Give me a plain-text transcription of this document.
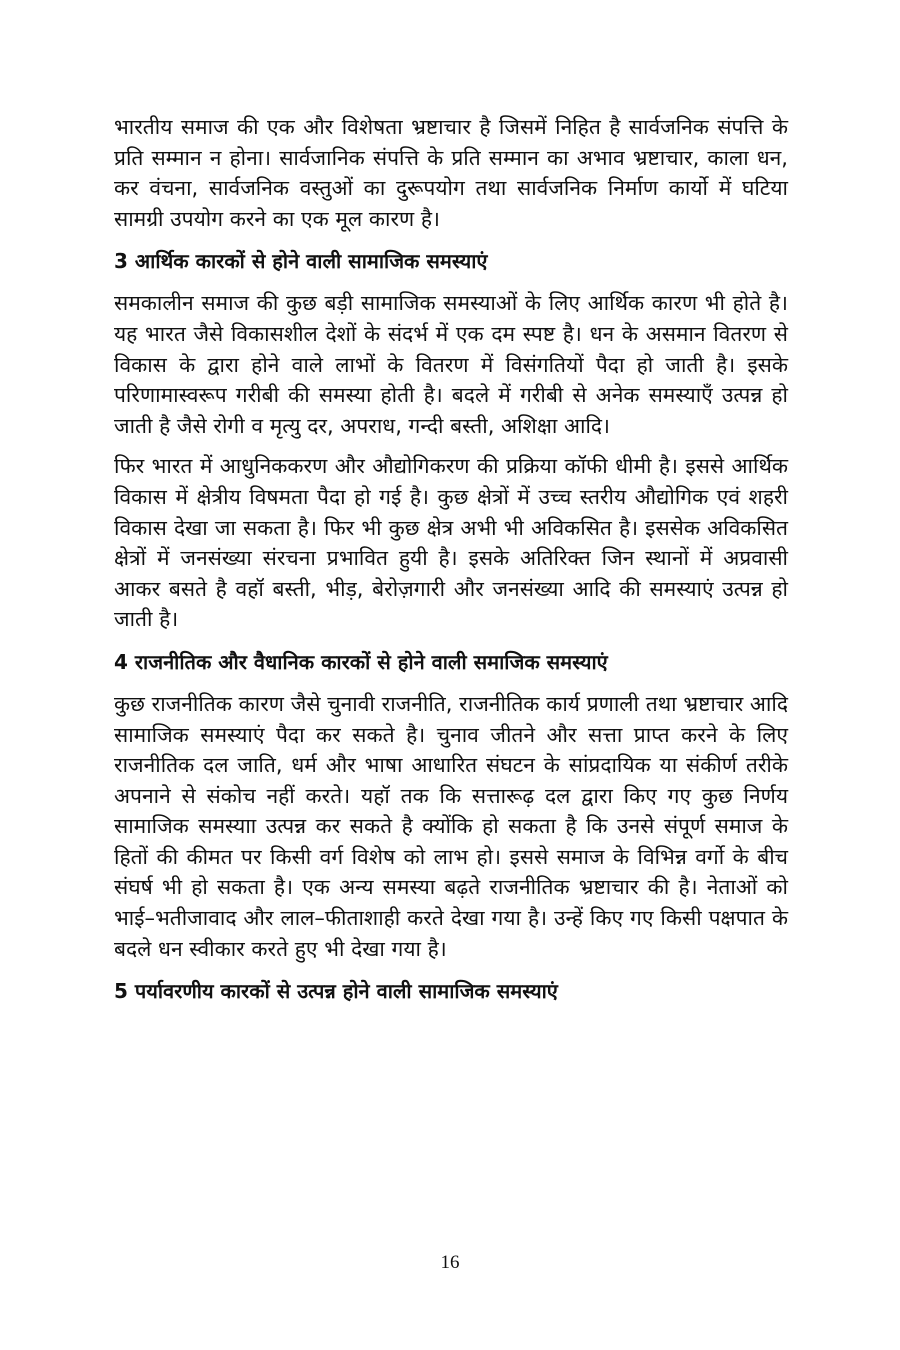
भारतीय समाज की एक और विशेषता भ्रष्टाचार है जिसमें निहित है सार्वजनिक संपत्ति के प्रति सम्मान न होना। सार्वजानिक संपत्ति के प्रति सम्मान का अभाव भ्रष्टाचार, काला धन, कर वंचना, सार्वजनिक वस्तुओं का दुरूपयोग तथा सार्वजनिक निर्माण कार्यो में घटिया सामग्री उपयोग करने का एक मूल कारण है।

3 आर्थिक कारकों से होने वाली सामाजिक समस्याएं

समकालीन समाज की कुछ बड़ी सामाजिक समस्याओं के लिए आर्थिक कारण भी होते है। यह भारत जैसे विकासशील देशों के संदर्भ में एक दम स्पष्ट है। धन के असमान वितरण से विकास के द्वारा होने वाले लाभों के वितरण में विसंगतियों पैदा हो जाती है। इसके परिणामास्वरूप गरीबी की समस्या होती है। बदले में गरीबी से अनेक समस्याएँ उत्पन्न हो जाती है जैसे रोगी व मृत्यु दर, अपराध, गन्दी बस्ती, अशिक्षा आदि।

फिर भारत में आधुनिककरण और औद्योगिकरण की प्रक्रिया कॉफी धीमी है। इससे आर्थिक विकास में क्षेत्रीय विषमता पैदा हो गई है। कुछ क्षेत्रों में उच्च स्तरीय औद्योगिक एवं शहरी विकास देखा जा सकता है। फिर भी कुछ क्षेत्र अभी भी अविकसित है। इससेक अविकसित क्षेत्रों में जनसंख्या संरचना प्रभावित हुयी है। इसके अतिरिक्त जिन स्थानों में अप्रवासी आकर बसते है वहॉ बस्ती, भीड़, बेरोज़गारी और जनसंख्या आदि की समस्याएं उत्पन्न हो जाती है।

4 राजनीतिक और वैधानिक कारकों से होने वाली समाजिक समस्याएं

कुछ राजनीतिक कारण जैसे चुनावी राजनीति, राजनीतिक कार्य प्रणाली तथा भ्रष्टाचार आदि सामाजिक समस्याएं पैदा कर सकते है। चुनाव जीतने और सत्ता प्राप्त करने के लिए राजनीतिक दल जाति, धर्म और भाषा आधारित संघटन के सांप्रदायिक या संकीर्ण तरीके अपनाने से संकोच नहीं करते। यहॉ तक कि सत्तारूढ़ दल द्वारा किए गए कुछ निर्णय सामाजिक समस्याा उत्पन्न कर सकते है क्योंकि हो सकता है कि उनसे संपूर्ण समाज के हितों की कीमत पर किसी वर्ग विशेष को लाभ हो। इससे समाज के विभिन्न वर्गो के बीच संघर्ष भी हो सकता है। एक अन्य समस्या बढ़ते राजनीतिक भ्रष्टाचार की है। नेताओं को भाई–भतीजावाद और लाल–फीताशाही करते देखा गया है। उन्हें किए गए किसी पक्षपात के बदले धन स्वीकार करते हुए भी देखा गया है।

5 पर्यावरणीय कारकों से उत्पन्न होने वाली सामाजिक समस्याएं
16
